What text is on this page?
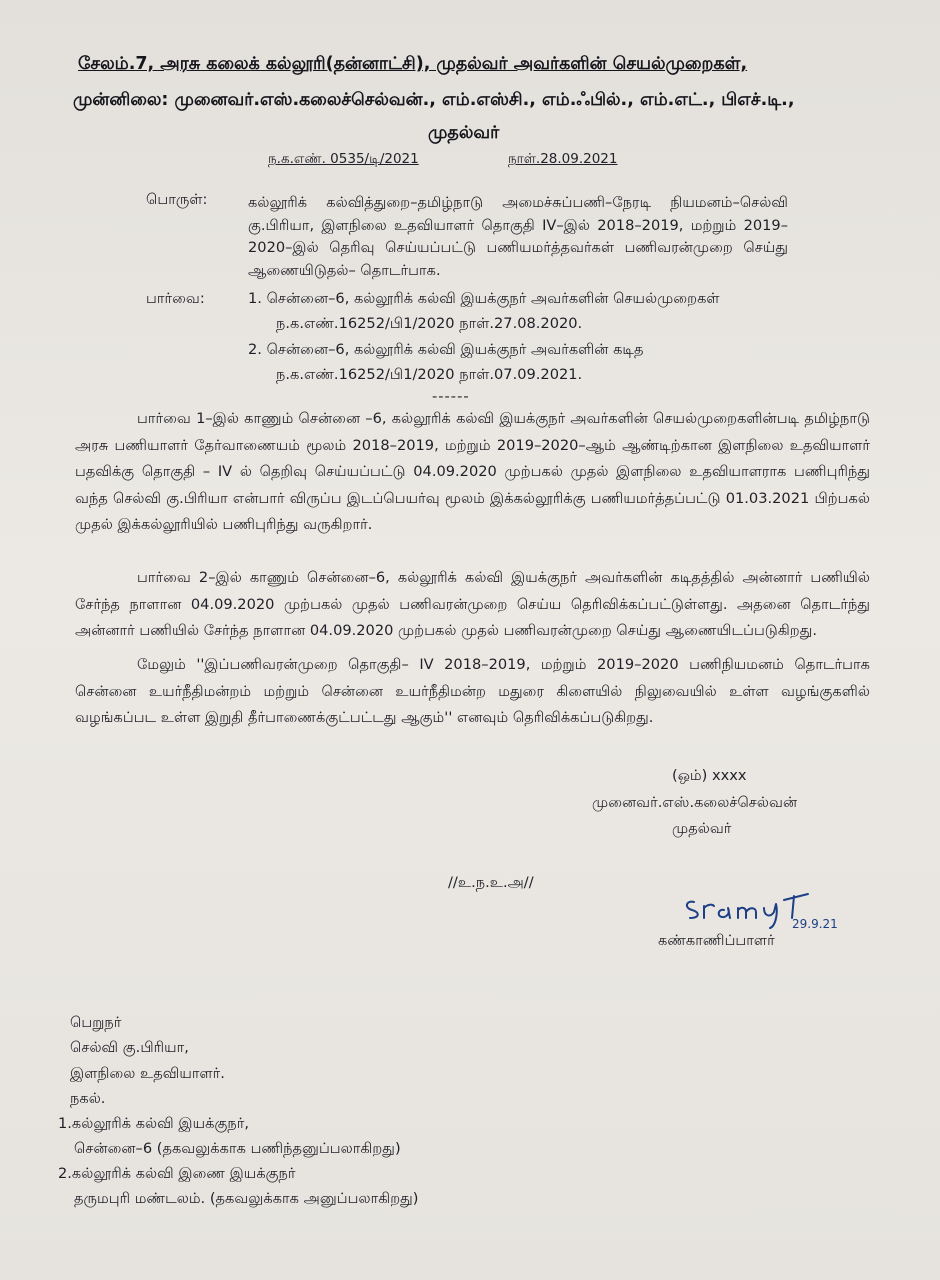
சேலம்.7, அரசு கலைக் கல்லூரி(தன்னாட்சி), முதல்வர் அவர்களின் செயல்முறைகள்,
முன்னிலை: முனைவர்.எஸ்.கலைச்செல்வன்., எம்.எஸ்சி., எம்.ஃபில்., எம்.எட்., பிஎச்.டி.,
முதல்வர்
ந.க.எண். 0535/டி/2021	நாள்.28.09.2021
பொருள்:	கல்லூரிக் கல்வித்துறை–தமிழ்நாடு அமைச்சுப்பணி–நேரடி நியமனம்–செல்வி கு.பிரியா, இளநிலை உதவியாளர் தொகுதி IV–இல் 2018–2019, மற்றும் 2019–2020–இல் தெரிவு செய்யப்பட்டு பணியமர்த்தவர்கள் பணிவரன்முறை செய்து ஆணையிடுதல்– தொடர்பாக.
பார்வை:	1. சென்னை–6, கல்லூரிக் கல்வி இயக்குநர் அவர்களின் செயல்முறைகள்
ந.க.எண்.16252/பி1/2020 நாள்.27.08.2020.
2. சென்னை–6, கல்லூரிக் கல்வி இயக்குநர் அவர்களின் கடித
ந.க.எண்.16252/பி1/2020 நாள்.07.09.2021.
------
பார்வை 1–இல் காணும் சென்னை –6, கல்லூரிக் கல்வி இயக்குநர் அவர்களின் செயல்முறைகளின்படி தமிழ்நாடு அரசு பணியாளர் தேர்வாணையம் மூலம் 2018–2019, மற்றும் 2019–2020–ஆம் ஆண்டிற்கான இளநிலை உதவியாளர் பதவிக்கு தொகுதி – IV ல் தெறிவு செய்யப்பட்டு 04.09.2020 முற்பகல் முதல் இளநிலை உதவியாளராக பணிபுரிந்து வந்த செல்வி கு.பிரியா என்பார் விருப்ப இடப்பெயர்வு மூலம் இக்கல்லூரிக்கு பணியமர்த்தப்பட்டு 01.03.2021 பிற்பகல் முதல் இக்கல்லூரியில் பணிபுரிந்து வருகிறார்.
பார்வை 2–இல் காணும் சென்னை–6, கல்லூரிக் கல்வி இயக்குநர் அவர்களின் கடிதத்தில் அன்னார் பணியில் சேர்ந்த நாளான 04.09.2020 முற்பகல் முதல் பணிவரன்முறை செய்ய தெரிவிக்கப்பட்டுள்ளது. அதனை தொடர்ந்து அன்னார் பணியில் சேர்ந்த நாளான 04.09.2020 முற்பகல் முதல் பணிவரன்முறை செய்து ஆணையிடப்படுகிறது.
மேலும் ''இப்பணிவரன்முறை தொகுதி– IV 2018–2019, மற்றும் 2019–2020 பணிநியமனம் தொடர்பாக சென்னை உயர்நீதிமன்றம் மற்றும் சென்னை உயர்நீதிமன்ற மதுரை கிளையில் நிலுவையில் உள்ள வழங்குகளில் வழங்கப்பட உள்ள இறுதி தீர்பாணைக்குட்பட்டது ஆகும்'' எனவும் தெரிவிக்கப்படுகிறது.
(ஒம்) xxxx
முனைவர்.எஸ்.கலைச்செல்வன்
முதல்வர்
//உ.ந.உ.அ//
29.9.21
கண்காணிப்பாளர்
பெறுநர்
செல்வி கு.பிரியா,
இளநிலை உதவியாளர்.
நகல்.
1.கல்லூரிக் கல்வி இயக்குநர்,
சென்னை–6 (தகவலுக்காக பணிந்தனுப்பலாகிறது)
2.கல்லூரிக் கல்வி இணை இயக்குநர்
தருமபுரி மண்டலம். (தகவலுக்காக அனுப்பலாகிறது)
